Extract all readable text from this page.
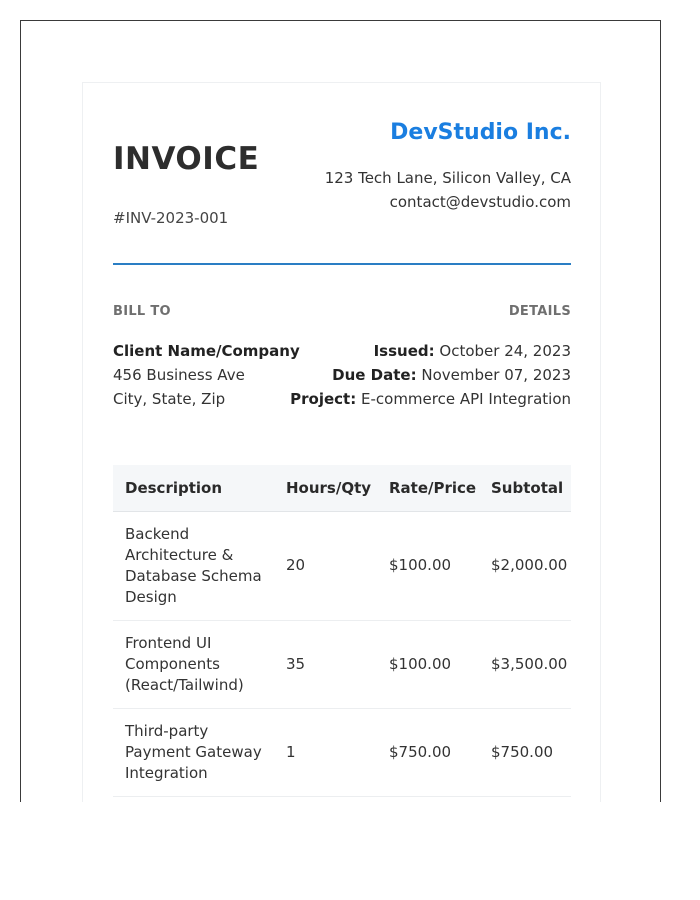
INVOICE
#INV-2023-001
DevStudio Inc.
123 Tech Lane, Silicon Valley, CA
contact@devstudio.com
BILL TO	DETAILS
Client Name/Company
456 Business Ave
City, State, Zip
Issued: October 24, 2023
Due Date: November 07, 2023
Project: E-commerce API Integration
Description	Hours/Qty	Rate/Price	Subtotal
Backend Architecture & Database Schema Design	20	$100.00	$2,000.00
Frontend UI Components (React/Tailwind)	35	$100.00	$3,500.00
Third-party Payment Gateway Integration	1	$750.00	$750.00
